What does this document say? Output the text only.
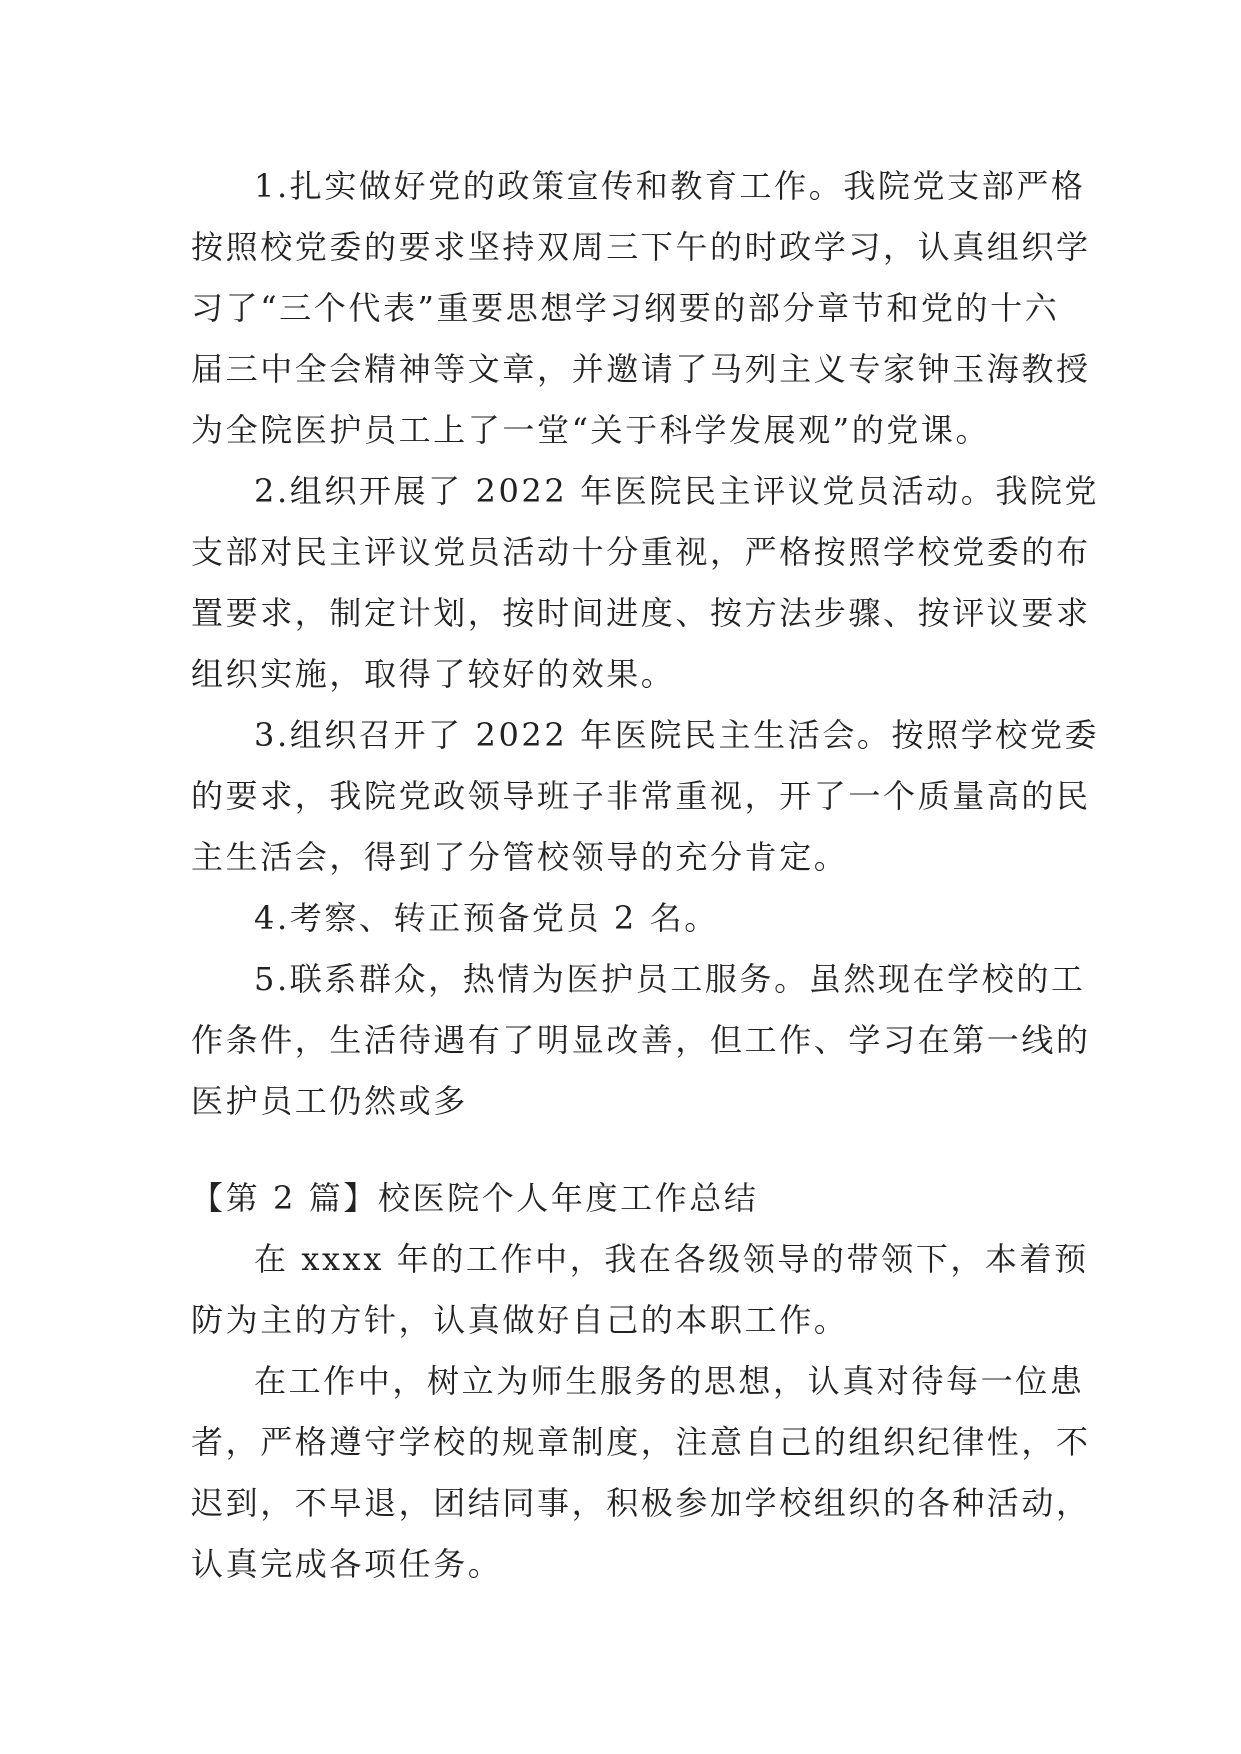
1.扎实做好党的政策宣传和教育工作。我院党支部严格
按照校党委的要求坚持双周三下午的时政学习，认真组织学
习了“三个代表”重要思想学习纲要的部分章节和党的十六
届三中全会精神等文章，并邀请了马列主义专家钟玉海教授
为全院医护员工上了一堂“关于科学发展观”的党课。
2.组织开展了 2022 年医院民主评议党员活动。我院党
支部对民主评议党员活动十分重视，严格按照学校党委的布
置要求，制定计划，按时间进度、按方法步骤、按评议要求
组织实施，取得了较好的效果。
3.组织召开了 2022 年医院民主生活会。按照学校党委
的要求，我院党政领导班子非常重视，开了一个质量高的民
主生活会，得到了分管校领导的充分肯定。
4.考察、转正预备党员 2 名。
5.联系群众，热情为医护员工服务。虽然现在学校的工
作条件，生活待遇有了明显改善，但工作、学习在第一线的
医护员工仍然或多
【第 2 篇】校医院个人年度工作总结
在 xxxx 年的工作中，我在各级领导的带领下，本着预
防为主的方针，认真做好自己的本职工作。
在工作中，树立为师生服务的思想，认真对待每一位患
者，严格遵守学校的规章制度，注意自己的组织纪律性，不
迟到，不早退，团结同事，积极参加学校组织的各种活动，
认真完成各项任务。
